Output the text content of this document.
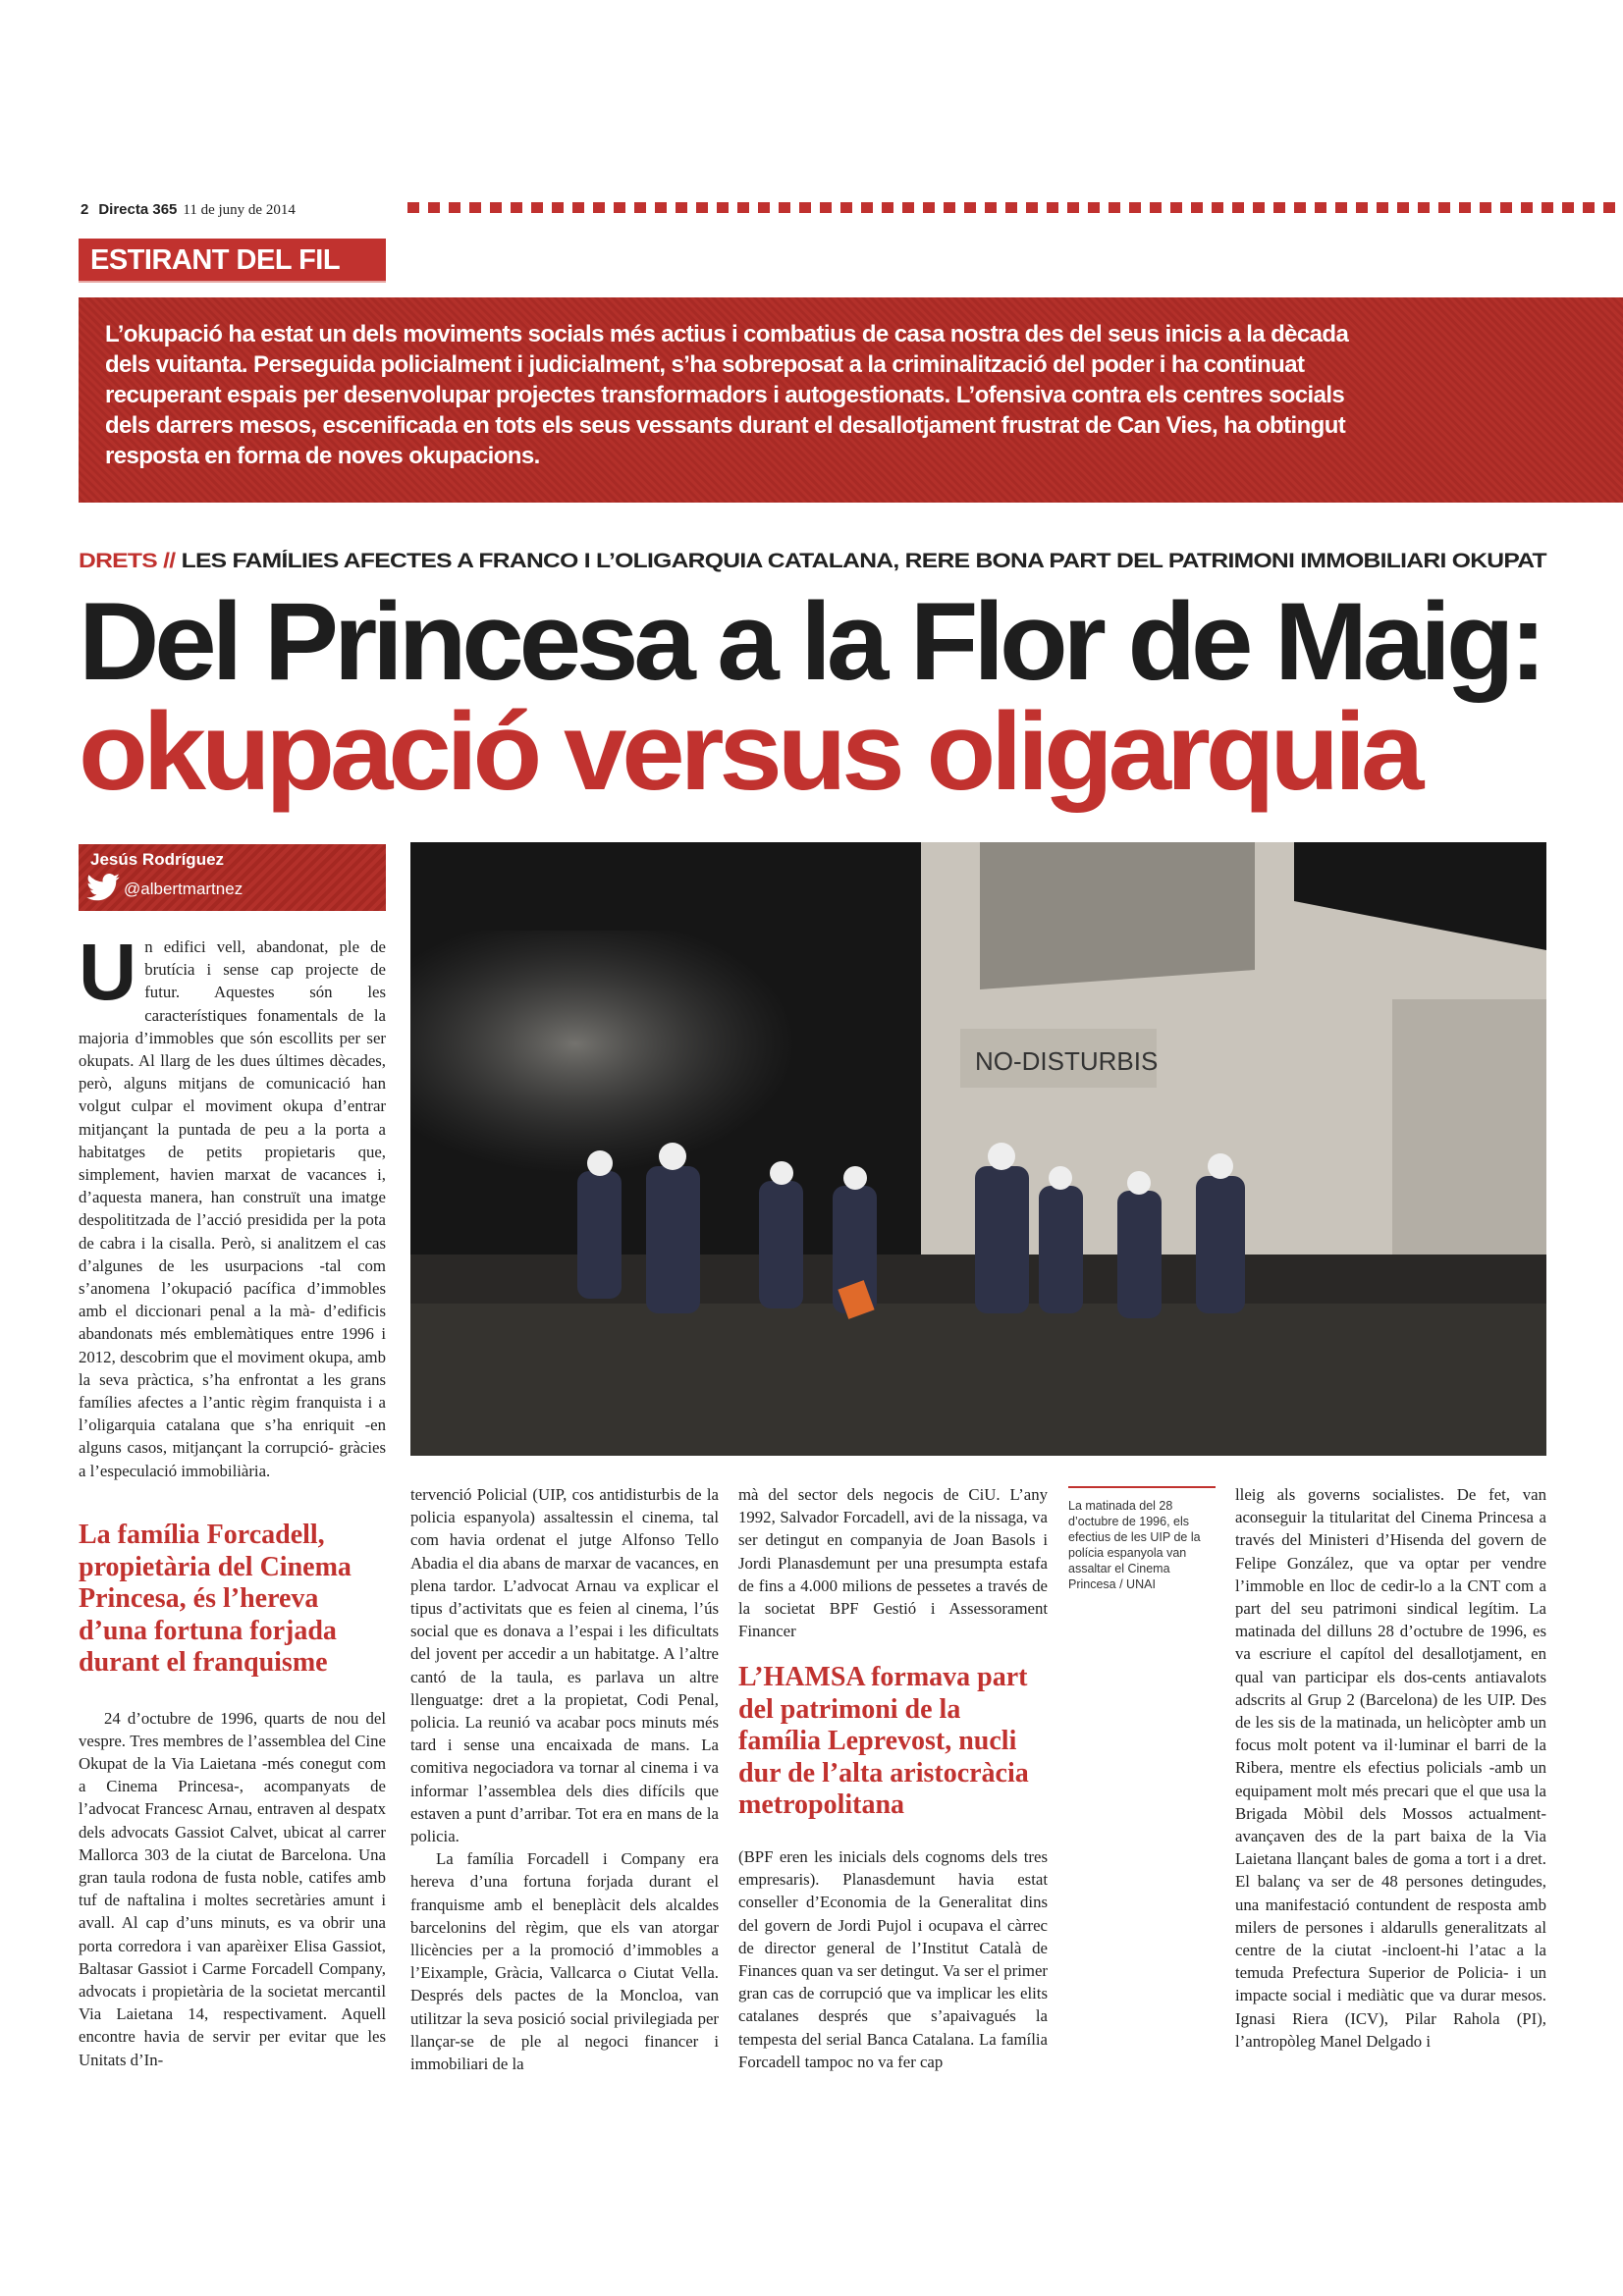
2 Directa 365 11 de juny de 2014
ESTIRANT DEL FIL

L’okupació ha estat un dels moviments socials més actius i combatius de casa nostra des del seus inicis a la dècada dels vuitanta. Perseguida policialment i judicialment, s’ha sobreposat a la criminalització del poder i ha continuat recuperant espais per desenvolupar projectes transformadors i autogestionats. L’ofensiva contra els centres socials dels darrers mesos, escenificada en tots els seus vessants durant el desallotjament frustrat de Can Vies, ha obtingut resposta en forma de noves okupacions.

DRETS // LES FAMÍLIES AFECTES A FRANCO I L’OLIGARQUIA CATALANA, RERE BONA PART DEL PATRIMONI IMMOBILIARI OKUPAT
Del Princesa a la Flor de Maig:
okupació versus oligarquia
Jesús Rodríguez
@albertmartnez
NO-DISTURBIS
U n edifici vell, abandonat, ple de brutícia i sense cap projecte de futur. Aquestes són les característiques fonamentals de la majoria d’immobles que són escollits per ser okupats. Al llarg de les dues últimes dècades, però, alguns mitjans de comunicació han volgut culpar el moviment okupa d’entrar mitjançant la puntada de peu a la porta a habitatges de petits propietaris que, simplement, havien marxat de vacances i, d’aquesta manera, han construït una imatge despolititzada de l’acció presidida per la pota de cabra i la cisalla. Però, si analitzem el cas d’algunes de les usurpacions -tal com s’anomena l’okupació pacífica d’immobles amb el diccionari penal a la mà- d’edificis abandonats més emblemàtiques entre 1996 i 2012, descobrim que el moviment okupa, amb la seva pràctica, s’ha enfrontat a les grans famílies afectes a l’antic règim franquista i a l’oligarquia catalana que s’ha enriquit -en alguns casos, mitjançant la corrupció- gràcies a l’especulació immobiliària.

La família Forcadell, propietària del Cinema Princesa, és l’hereva d’una fortuna forjada durant el franquisme

24 d’octubre de 1996, quarts de nou del vespre. Tres membres de l’assemblea del Cine Okupat de la Via Laietana -més conegut com a Cinema Princesa-, acompanyats de l’advocat Francesc Arnau, entraven al despatx dels advocats Gassiot Calvet, ubicat al carrer Mallorca 303 de la ciutat de Barcelona. Una gran taula rodona de fusta noble, catifes amb tuf de naftalina i moltes secretàries amunt i avall. Al cap d’uns minuts, es va obrir una porta corredora i van aparèixer Elisa Gassiot, Baltasar Gassiot i Carme Forcadell Company, advocats i propietària de la societat mercantil Via Laietana 14, respectivament. Aquell encontre havia de servir per evitar que les Unitats d’In-

tervenció Policial (UIP, cos antidisturbis de la policia espanyola) assaltessin el cinema, tal com havia ordenat el jutge Alfonso Tello Abadia el dia abans de marxar de vacances, en plena tardor. L’advocat Arnau va explicar el tipus d’activitats que es feien al cinema, l’ús social que es donava a l’espai i les dificultats del jovent per accedir a un habitatge. A l’altre cantó de la taula, es parlava un altre llenguatge: dret a la propietat, Codi Penal, policia. La reunió va acabar pocs minuts més tard i sense una encaixada de mans. La comitiva negociadora va tornar al cinema i va informar l’assemblea dels dies difícils que estaven a punt d’arribar. Tot era en mans de la policia.

La família Forcadell i Company era hereva d’una fortuna forjada durant el franquisme amb el beneplàcit dels alcaldes barcelonins del règim, que els van atorgar llicències per a la promoció d’immobles a l’Eixample, Gràcia, Vallcarca o Ciutat Vella. Després dels pactes de la Moncloa, van utilitzar la seva posició social privilegiada per llançar-se de ple al negoci financer i immobiliari de la

mà del sector dels negocis de CiU. L’any 1992, Salvador Forcadell, avi de la nissaga, va ser detingut en companyia de Joan Basols i Jordi Planasdemunt per una presumpta estafa de fins a 4.000 milions de pessetes a través de la societat BPF Gestió i Assessorament Financer

L’HAMSA formava part del patrimoni de la família Leprevost, nucli dur de l’alta aristocràcia metropolitana

(BPF eren les inicials dels cognoms dels tres empresaris). Planasdemunt havia estat conseller d’Economia de la Generalitat dins del govern de Jordi Pujol i ocupava el càrrec de director general de l’Institut Català de Finances quan va ser detingut. Va ser el primer gran cas de corrupció que va implicar les elits catalanes després que s’apaivagués la tempesta del serial Banca Catalana. La família Forcadell tampoc no va fer cap

La matinada del 28 d’octubre de 1996, els efectius de les UIP de la polícia espanyola van assaltar el Cinema Princesa / UNAI

lleig als governs socialistes. De fet, van aconseguir la titularitat del Cinema Princesa a través del Ministeri d’Hisenda del govern de Felipe González, que va optar per vendre l’immoble en lloc de cedir-lo a la CNT com a part del seu patrimoni sindical legítim. La matinada del dilluns 28 d’octubre de 1996, es va escriure el capítol del desallotjament, en qual van participar els dos-cents antiavalots adscrits al Grup 2 (Barcelona) de les UIP. Des de les sis de la matinada, un helicòpter amb un focus molt potent va il·luminar el barri de la Ribera, mentre els efectius policials -amb un equipament molt més precari que el que usa la Brigada Mòbil dels Mossos actualment- avançaven des de la part baixa de la Via Laietana llançant bales de goma a tort i a dret. El balanç va ser de 48 persones detingudes, una manifestació contundent de resposta amb milers de persones i aldarulls generalitzats al centre de la ciutat -incloent-hi l’atac a la temuda Prefectura Superior de Policia- i un impacte social i mediàtic que va durar mesos. Ignasi Riera (ICV), Pilar Rahola (PI), l’antropòleg Manel Delgado i
